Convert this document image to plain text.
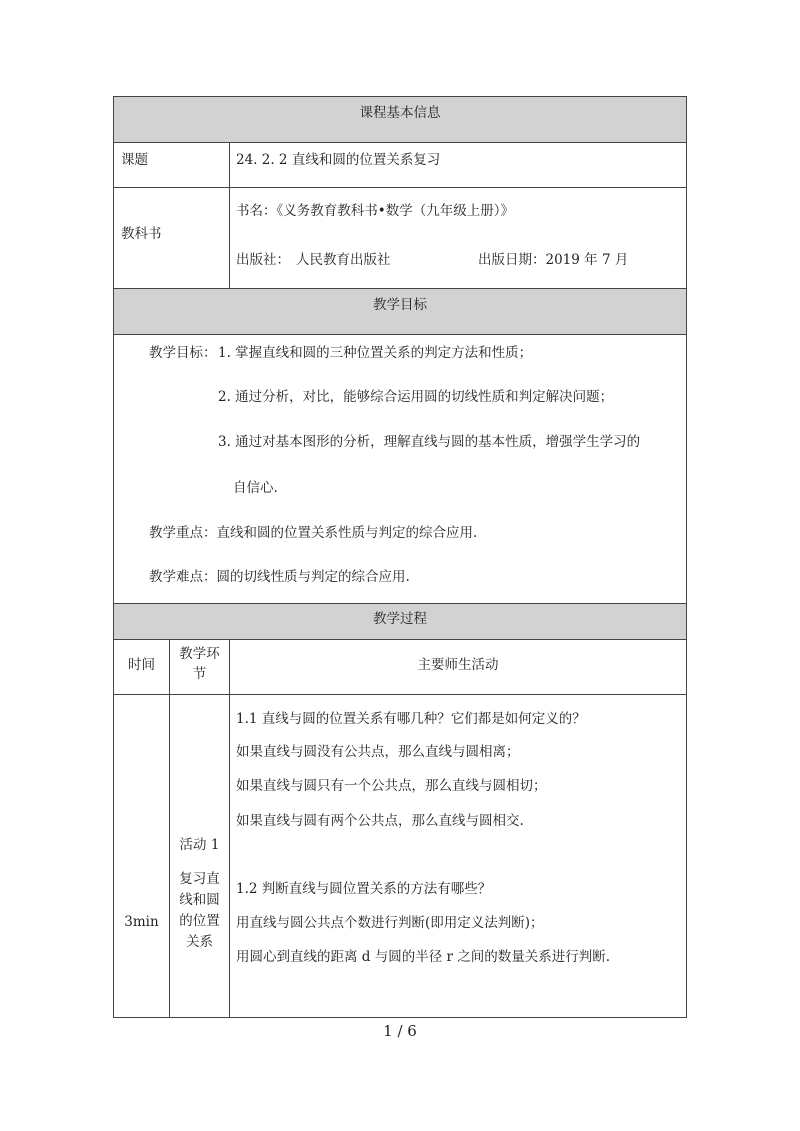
课程基本信息
课题	24. 2. 2 直线和圆的位置关系复习
教科书
书名：《义务教育教科书•数学（九年级上册）》
出版社： 人民教育出版社	出版日期：2019 年 7 月
教学目标
教学目标： 1. 掌握直线和圆的三种位置关系的判定方法和性质；
2. 通过分析，对比，能够综合运用圆的切线性质和判定解决问题；
3. 通过对基本图形的分析，理解直线与圆的基本性质，增强学生学习的
自信心.
教学重点：直线和圆的位置关系性质与判定的综合应用.
教学难点：圆的切线性质与判定的综合应用.
教学过程
时间
教学环
节
主要师生活动
3min
活动 1
复习直
线和圆
的位置
关系
1.1 直线与圆的位置关系有哪几种？它们都是如何定义的？
如果直线与圆没有公共点，那么直线与圆相离；
如果直线与圆只有一个公共点，那么直线与圆相切；
如果直线与圆有两个公共点，那么直线与圆相交.
1.2 判断直线与圆位置关系的方法有哪些？
用直线与圆公共点个数进行判断(即用定义法判断)；
用圆心到直线的距离 d 与圆的半径 r 之间的数量关系进行判断.
1 / 6
